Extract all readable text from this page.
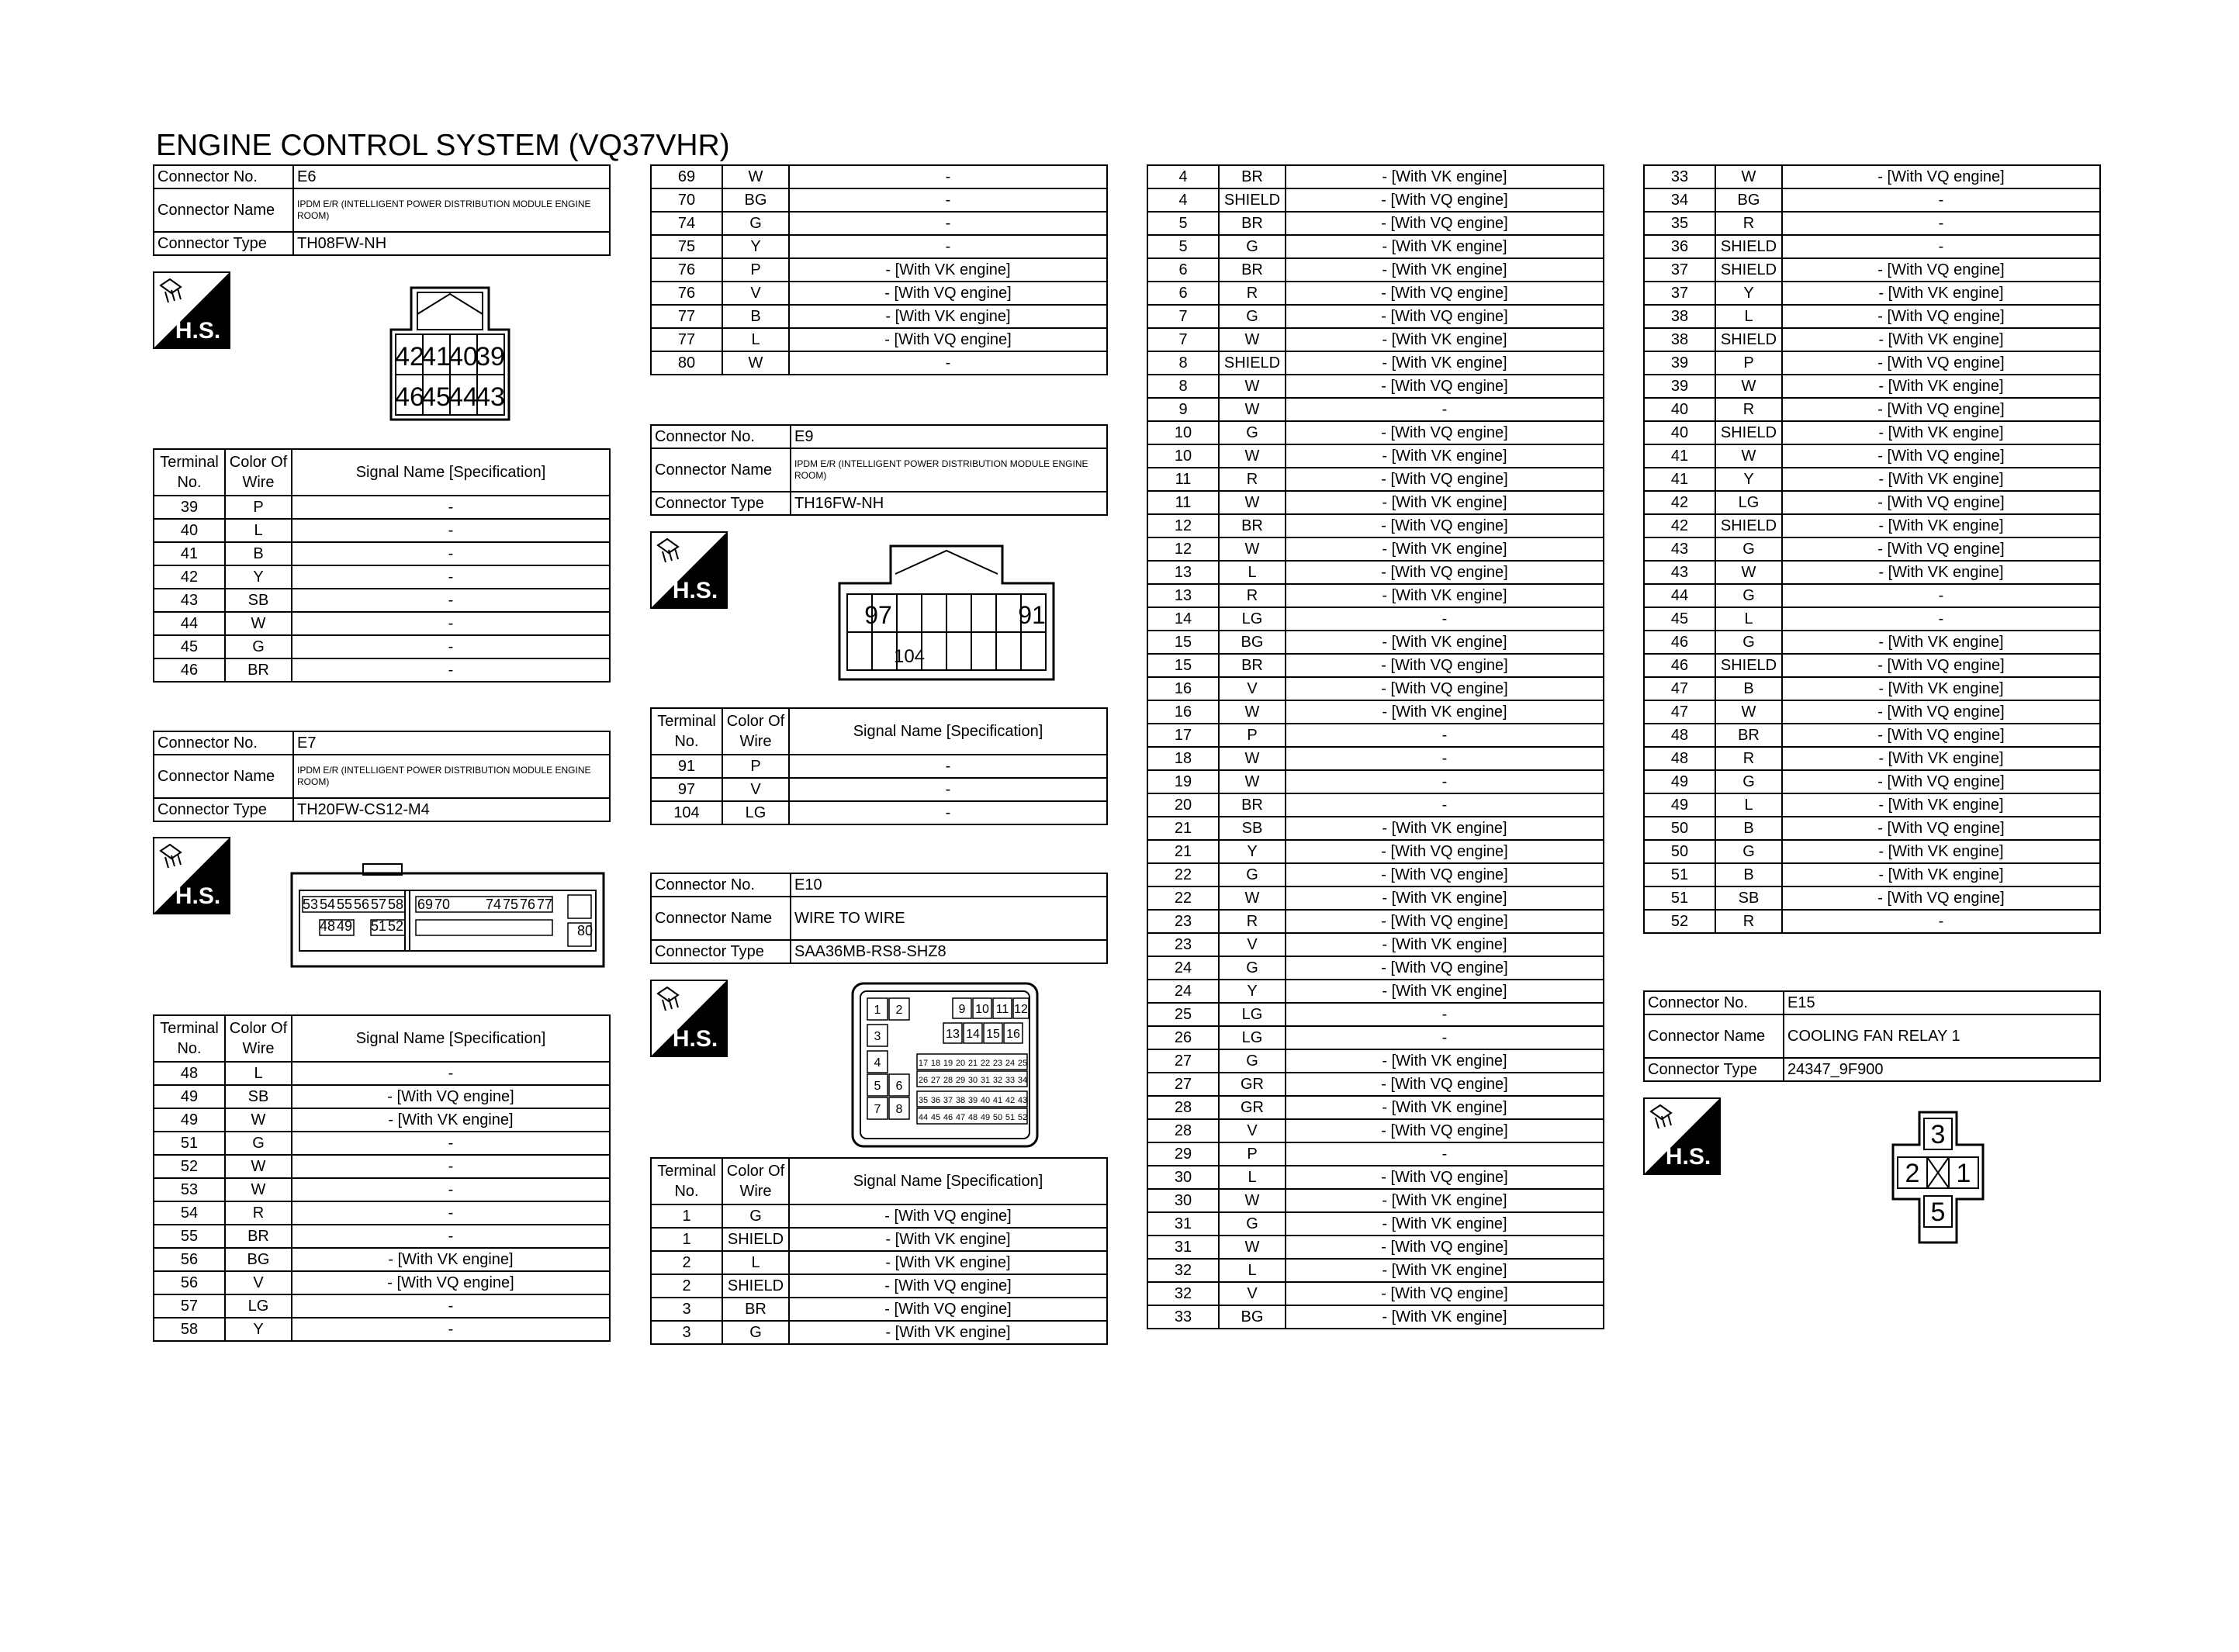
ENGINE CONTROL SYSTEM (VQ37VHR)
Connector No.	E6
Connector Name	IPDM E/R (INTELLIGENT POWER DISTRIBUTION MODULE ENGINE ROOM)
Connector Type	TH08FW-NH
H.S.
42
41
40
39
46
45
44
43
Terminal No.	Color Of Wire	Signal Name [Specification]
39	P	-
40	L	-
41	B	-
42	Y	-
43	SB	-
44	W	-
45	G	-
46	BR	-
Connector No.	E7
Connector Name	IPDM E/R (INTELLIGENT POWER DISTRIBUTION MODULE ENGINE ROOM)
Connector Type	TH20FW-CS12-M4
H.S.	53 54 55 56 57 58
48 49 51 52
69 70	74 75 76 77
80
Terminal No.	Color Of Wire	Signal Name [Specification]
48	L	-
49	SB	- [With VQ engine]
49	W	- [With VK engine]
51	G	-
52	W	-
53	W	-
54	R	-
55	BR	-
56	BG	- [With VK engine]
56	V	- [With VQ engine]
57	LG	-
58	Y	-
69	W	-
70	BG	-
74	G	-
75	Y	-
76	P	- [With VK engine]
76	V	- [With VQ engine]
77	B	- [With VK engine]
77	L	- [With VQ engine]
80	W	-
Connector No.	E9
Connector Name	IPDM E/R (INTELLIGENT POWER DISTRIBUTION MODULE ENGINE ROOM)
Connector Type	TH16FW-NH
H.S.
97	91
104
Terminal No.	Color Of Wire	Signal Name [Specification]
91	P	-
97	V	-
104	LG	-
Connector No.	E10
Connector Name	WIRE TO WIRE
Connector Type	SAA36MB-RS8-SHZ8
H.S.
1 2
3
4
5 6
7 8
9 10 11 12
13 14 15 16
17 18 19 20 21 22 23 24 25
26 27 28 29 30 31 32 33 34
35 36 37 38 39 40 41 42 43
44 45 46 47 48 49 50 51 52
Terminal No.	Color Of Wire	Signal Name [Specification]
1	G	- [With VQ engine]
1	SHIELD	- [With VK engine]
2	L	- [With VK engine]
2	SHIELD	- [With VQ engine]
3	BR	- [With VQ engine]
3	G	- [With VK engine]
4	BR	- [With VK engine]
4	SHIELD	- [With VQ engine]
5	BR	- [With VQ engine]
5	G	- [With VK engine]
6	BR	- [With VK engine]
6	R	- [With VQ engine]
7	G	- [With VQ engine]
7	W	- [With VK engine]
8	SHIELD	- [With VK engine]
8	W	- [With VQ engine]
9	W	-
10	G	- [With VQ engine]
10	W	- [With VK engine]
11	R	- [With VQ engine]
11	W	- [With VK engine]
12	BR	- [With VQ engine]
12	W	- [With VK engine]
13	L	- [With VQ engine]
13	R	- [With VK engine]
14	LG	-
15	BG	- [With VK engine]
15	BR	- [With VQ engine]
16	V	- [With VQ engine]
16	W	- [With VK engine]
17	P	-
18	W	-
19	W	-
20	BR	-
21	SB	- [With VK engine]
21	Y	- [With VQ engine]
22	G	- [With VQ engine]
22	W	- [With VK engine]
23	R	- [With VQ engine]
23	V	- [With VK engine]
24	G	- [With VQ engine]
24	Y	- [With VK engine]
25	LG	-
26	LG	-
27	G	- [With VK engine]
27	GR	- [With VQ engine]
28	GR	- [With VK engine]
28	V	- [With VQ engine]
29	P	-
30	L	- [With VQ engine]
30	W	- [With VK engine]
31	G	- [With VK engine]
31	W	- [With VQ engine]
32	L	- [With VK engine]
32	V	- [With VQ engine]
33	BG	- [With VK engine]
33	W	- [With VQ engine]
34	BG	-
35	R	-
36	SHIELD	-
37	SHIELD	- [With VQ engine]
37	Y	- [With VK engine]
38	L	- [With VQ engine]
38	SHIELD	- [With VK engine]
39	P	- [With VQ engine]
39	W	- [With VK engine]
40	R	- [With VQ engine]
40	SHIELD	- [With VK engine]
41	W	- [With VQ engine]
41	Y	- [With VK engine]
42	LG	- [With VQ engine]
42	SHIELD	- [With VK engine]
43	G	- [With VQ engine]
43	W	- [With VK engine]
44	G	-
45	L	-
46	G	- [With VK engine]
46	SHIELD	- [With VQ engine]
47	B	- [With VK engine]
47	W	- [With VQ engine]
48	BR	- [With VQ engine]
48	R	- [With VK engine]
49	G	- [With VQ engine]
49	L	- [With VK engine]
50	B	- [With VQ engine]
50	G	- [With VK engine]
51	B	- [With VK engine]
51	SB	- [With VQ engine]
52	R	-
Connector No.	E15
Connector Name	COOLING FAN RELAY 1
Connector Type	24347_9F900
H.S.
3
2 1
5
